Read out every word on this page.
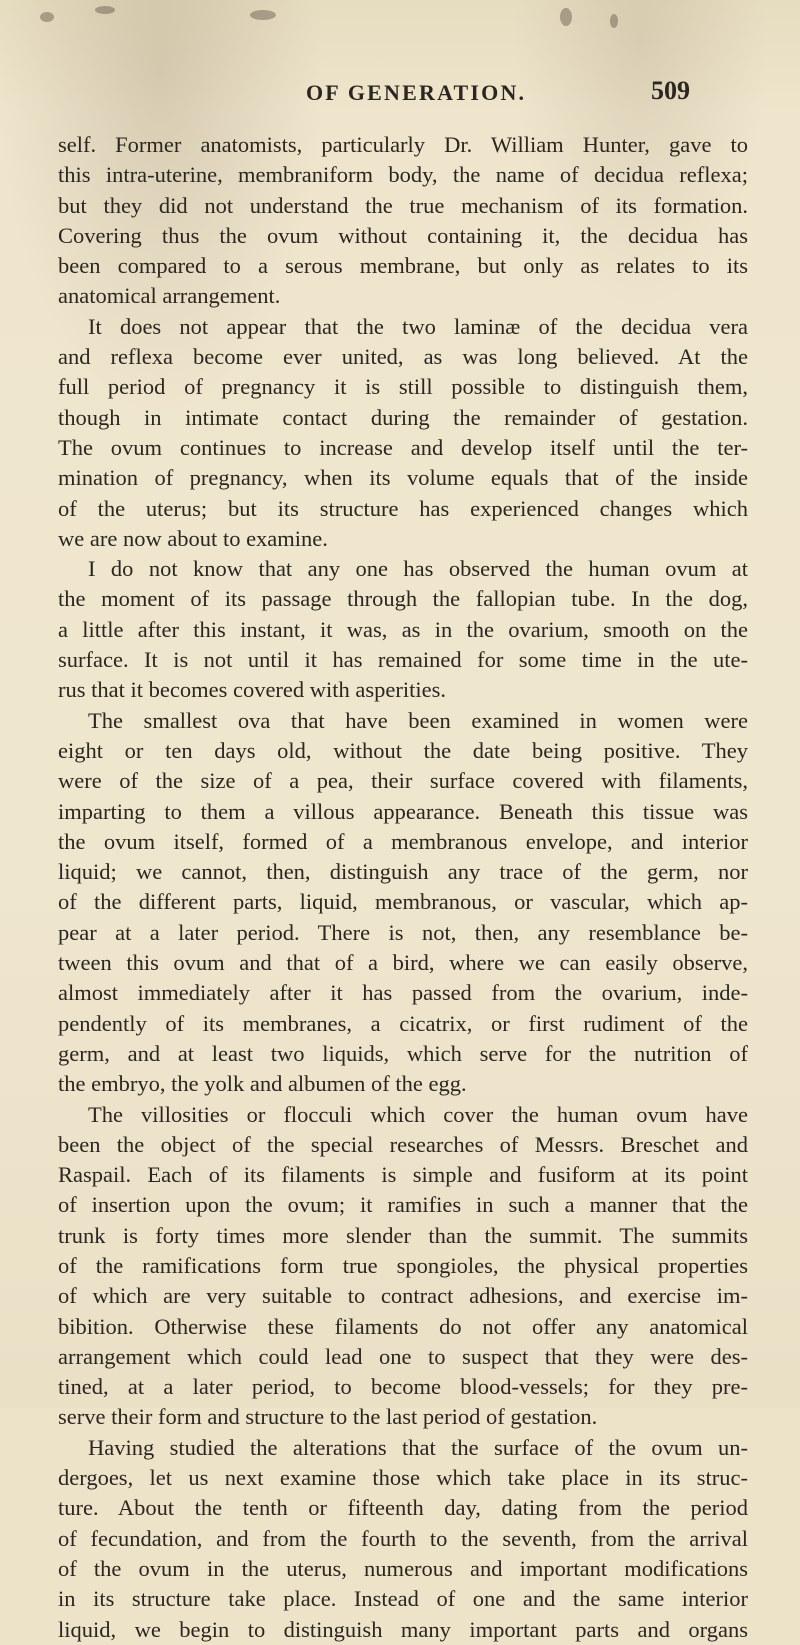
OF GENERATION.	509
self. Former anatomists, particularly Dr. William Hunter, gave to
this intra-uterine, membraniform body, the name of decidua reflexa;
but they did not understand the true mechanism of its formation.
Covering thus the ovum without containing it, the decidua has
been compared to a serous membrane, but only as relates to its
anatomical arrangement.
It does not appear that the two laminæ of the decidua vera
and reflexa become ever united, as was long believed. At the
full period of pregnancy it is still possible to distinguish them,
though in intimate contact during the remainder of gestation.
The ovum continues to increase and develop itself until the ter-
mination of pregnancy, when its volume equals that of the inside
of the uterus; but its structure has experienced changes which
we are now about to examine.
I do not know that any one has observed the human ovum at
the moment of its passage through the fallopian tube. In the dog,
a little after this instant, it was, as in the ovarium, smooth on the
surface. It is not until it has remained for some time in the ute-
rus that it becomes covered with asperities.
The smallest ova that have been examined in women were
eight or ten days old, without the date being positive. They
were of the size of a pea, their surface covered with filaments,
imparting to them a villous appearance. Beneath this tissue was
the ovum itself, formed of a membranous envelope, and interior
liquid; we cannot, then, distinguish any trace of the germ, nor
of the different parts, liquid, membranous, or vascular, which ap-
pear at a later period. There is not, then, any resemblance be-
tween this ovum and that of a bird, where we can easily observe,
almost immediately after it has passed from the ovarium, inde-
pendently of its membranes, a cicatrix, or first rudiment of the
germ, and at least two liquids, which serve for the nutrition of
the embryo, the yolk and albumen of the egg.
The villosities or flocculi which cover the human ovum have
been the object of the special researches of Messrs. Breschet and
Raspail. Each of its filaments is simple and fusiform at its point
of insertion upon the ovum; it ramifies in such a manner that the
trunk is forty times more slender than the summit. The summits
of the ramifications form true spongioles, the physical properties
of which are very suitable to contract adhesions, and exercise im-
bibition. Otherwise these filaments do not offer any anatomical
arrangement which could lead one to suspect that they were des-
tined, at a later period, to become blood-vessels; for they pre-
serve their form and structure to the last period of gestation.
Having studied the alterations that the surface of the ovum un-
dergoes, let us next examine those which take place in its struc-
ture. About the tenth or fifteenth day, dating from the period
of fecundation, and from the fourth to the seventh, from the arrival
of the ovum in the uterus, numerous and important modifications
in its structure take place. Instead of one and the same interior
liquid, we begin to distinguish many important parts and organs
